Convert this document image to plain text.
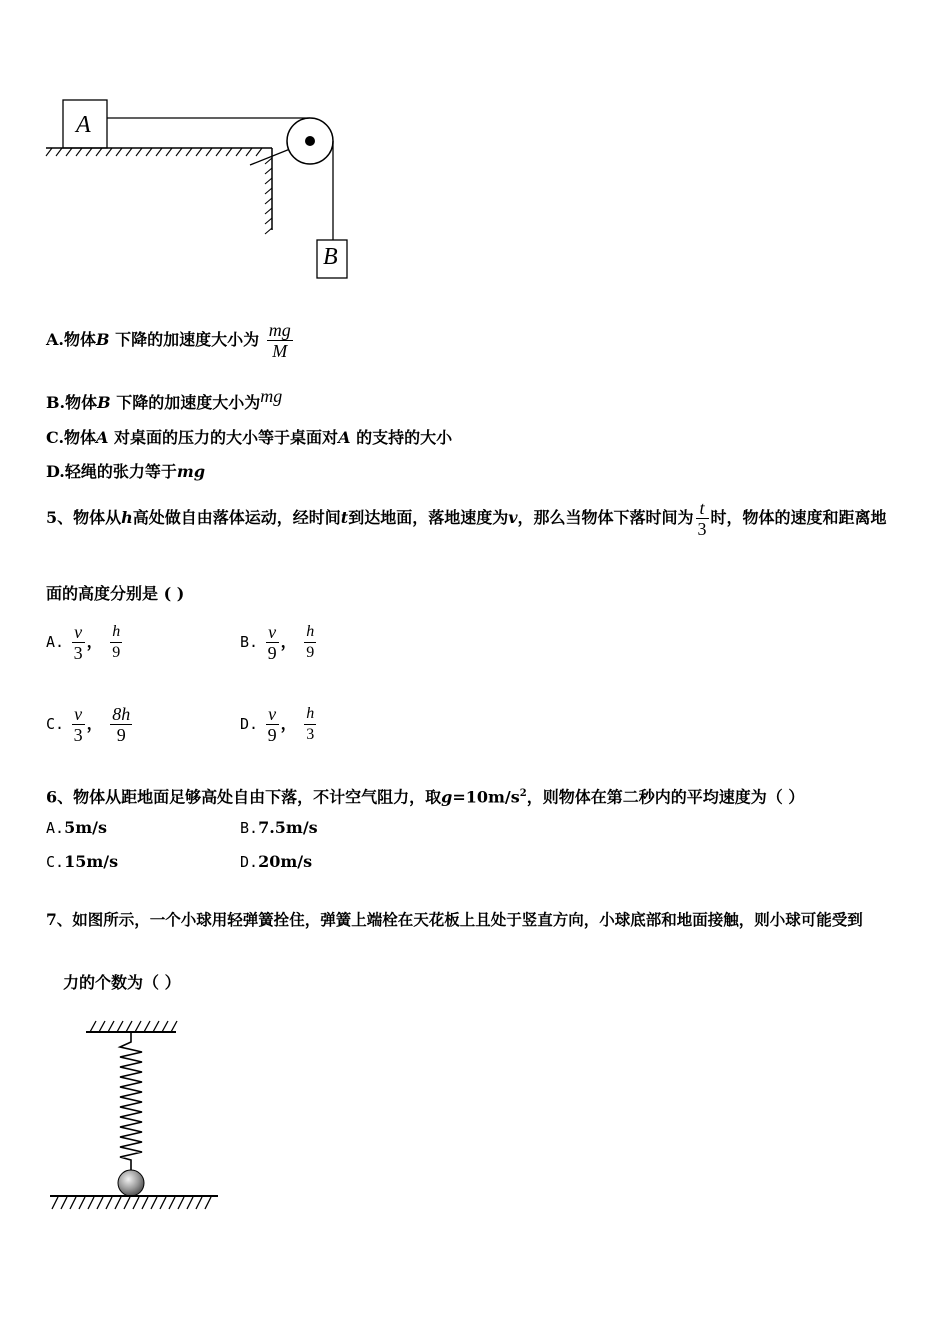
A
B
A.物体B 下降的加速度大小为 $\frac{mg}{M}$
B.物体B 下降的加速度大小为mg
C.物体A 对桌面的压力的大小等于桌面对A 的支持的大小
D.轻绳的张力等于mg
5、物体从h高处做自由落体运动，经时间t到达地面，落地速度为v，那么当物体下落时间为 $\frac{t}{3}$ 时，物体的速度和距离地
面的高度分别是 ( )
A. $\frac{v}{3}$ ， $\frac{h}{9}$	B. $\frac{v}{9}$ ， $\frac{h}{9}$
C. $\frac{v}{3}$ ， $\frac{8h}{9}$	D. $\frac{v}{9}$ ， $\frac{h}{3}$
6、物体从距地面足够高处自由下落，不计空气阻力，取$g=10m/s^2$，则物体在第二秒内的平均速度为（ ）
A.5m/s	B.7.5m/s
C.15m/s	D.20m/s
7、如图所示，一个小球用轻弹簧拴住，弹簧上端栓在天花板上且处于竖直方向，小球底部和地面接触，则小球可能受到
力的个数为（ ）
